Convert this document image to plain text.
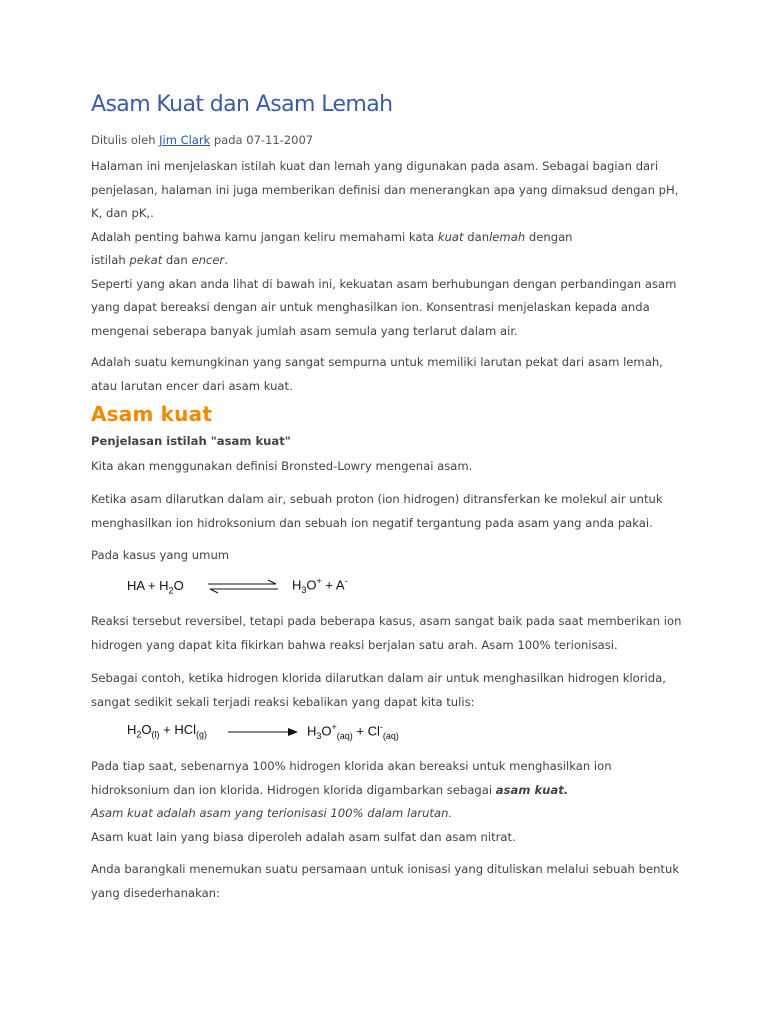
Asam Kuat dan Asam Lemah
Ditulis oleh Jim Clark pada 07-11-2007
Halaman ini menjelaskan istilah kuat dan lemah yang digunakan pada asam. Sebagai bagian dari
penjelasan, halaman ini juga memberikan definisi dan menerangkan apa yang dimaksud dengan pH,
K, dan pK,.
Adalah penting bahwa kamu jangan keliru memahami kata kuat danlemah dengan
istilah pekat dan encer.
Seperti yang akan anda lihat di bawah ini, kekuatan asam berhubungan dengan perbandingan asam
yang dapat bereaksi dengan air untuk menghasilkan ion. Konsentrasi menjelaskan kepada anda
mengenai seberapa banyak jumlah asam semula yang terlarut dalam air.
Adalah suatu kemungkinan yang sangat sempurna untuk memiliki larutan pekat dari asam lemah,
atau larutan encer dari asam kuat.
Asam kuat
Penjelasan istilah "asam kuat"
Kita akan menggunakan definisi Bronsted-Lowry mengenai asam.
Ketika asam dilarutkan dalam air, sebuah proton (ion hidrogen) ditransferkan ke molekul air untuk
menghasilkan ion hidroksonium dan sebuah ion negatif tergantung pada asam yang anda pakai.
Pada kasus yang umum
Reaksi tersebut reversibel, tetapi pada beberapa kasus, asam sangat baik pada saat memberikan ion
hidrogen yang dapat kita fikirkan bahwa reaksi berjalan satu arah. Asam 100% terionisasi.
Sebagai contoh, ketika hidrogen klorida dilarutkan dalam air untuk menghasilkan hidrogen klorida,
sangat sedikit sekali terjadi reaksi kebalikan yang dapat kita tulis:
Pada tiap saat, sebenarnya 100% hidrogen klorida akan bereaksi untuk menghasilkan ion
hidroksonium dan ion klorida. Hidrogen klorida digambarkan sebagai asam kuat.
Asam kuat adalah asam yang terionisasi 100% dalam larutan.
Asam kuat lain yang biasa diperoleh adalah asam sulfat dan asam nitrat.
Anda barangkali menemukan suatu persamaan untuk ionisasi yang dituliskan melalui sebuah bentuk
yang disederhanakan:
HA + $H_2O$	$H_3O^+ + A^-$
$H_2O_{(l)} + HCl_{(g)}$	$H_3O^+_{(aq)} + Cl^-_{(aq)}$
